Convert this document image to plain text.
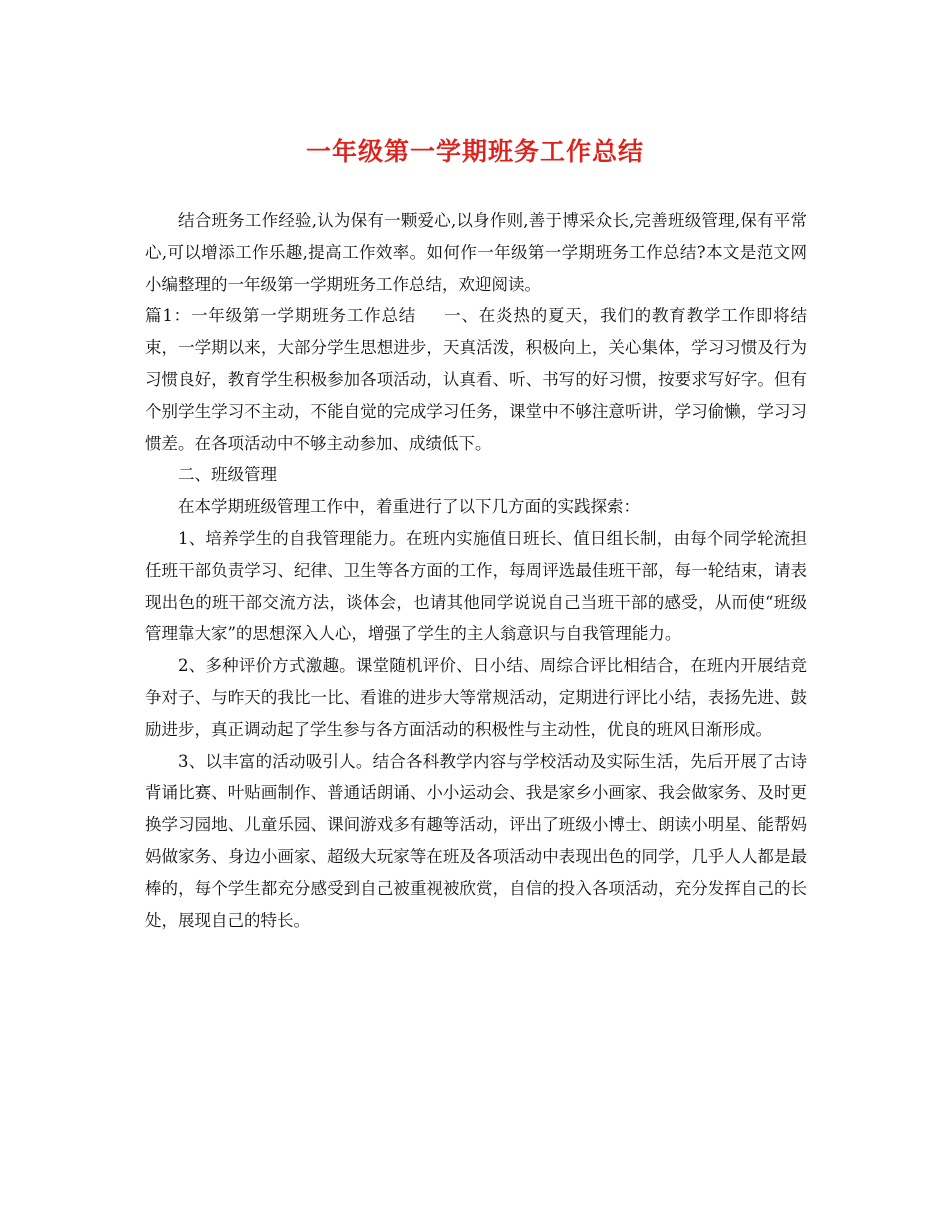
一年级第一学期班务工作总结

结合班务工作经验,认为保有一颗爱心,以身作则,善于博采众长,完善班级管理,保有平常心,可以增添工作乐趣,提高工作效率。如何作一年级第一学期班务工作总结?本文是范文网小编整理的一年级第一学期班务工作总结，欢迎阅读。

篇1：一年级第一学期班务工作总结 一、在炎热的夏天，我们的教育教学工作即将结束，一学期以来，大部分学生思想进步，天真活泼，积极向上，关心集体，学习习惯及行为习惯良好，教育学生积极参加各项活动，认真看、听、书写的好习惯，按要求写好字。但有个别学生学习不主动，不能自觉的完成学习任务，课堂中不够注意听讲，学习偷懒，学习习惯差。在各项活动中不够主动参加、成绩低下。

二、班级管理

在本学期班级管理工作中，着重进行了以下几方面的实践探索：

1、培养学生的自我管理能力。在班内实施值日班长、值日组长制，由每个同学轮流担任班干部负责学习、纪律、卫生等各方面的工作，每周评选最佳班干部，每一轮结束，请表现出色的班干部交流方法，谈体会，也请其他同学说说自己当班干部的感受，从而使“班级管理靠大家”的思想深入人心，增强了学生的主人翁意识与自我管理能力。

2、多种评价方式激趣。课堂随机评价、日小结、周综合评比相结合，在班内开展结竞争对子、与昨天的我比一比、看谁的进步大等常规活动，定期进行评比小结，表扬先进、鼓励进步，真正调动起了学生参与各方面活动的积极性与主动性，优良的班风日渐形成。

3、以丰富的活动吸引人。结合各科教学内容与学校活动及实际生活，先后开展了古诗背诵比赛、叶贴画制作、普通话朗诵、小小运动会、我是家乡小画家、我会做家务、及时更换学习园地、儿童乐园、课间游戏多有趣等活动，评出了班级小博士、朗读小明星、能帮妈妈做家务、身边小画家、超级大玩家等在班及各项活动中表现出色的同学，几乎人人都是最棒的，每个学生都充分感受到自己被重视被欣赏，自信的投入各项活动，充分发挥自己的长处，展现自己的特长。
